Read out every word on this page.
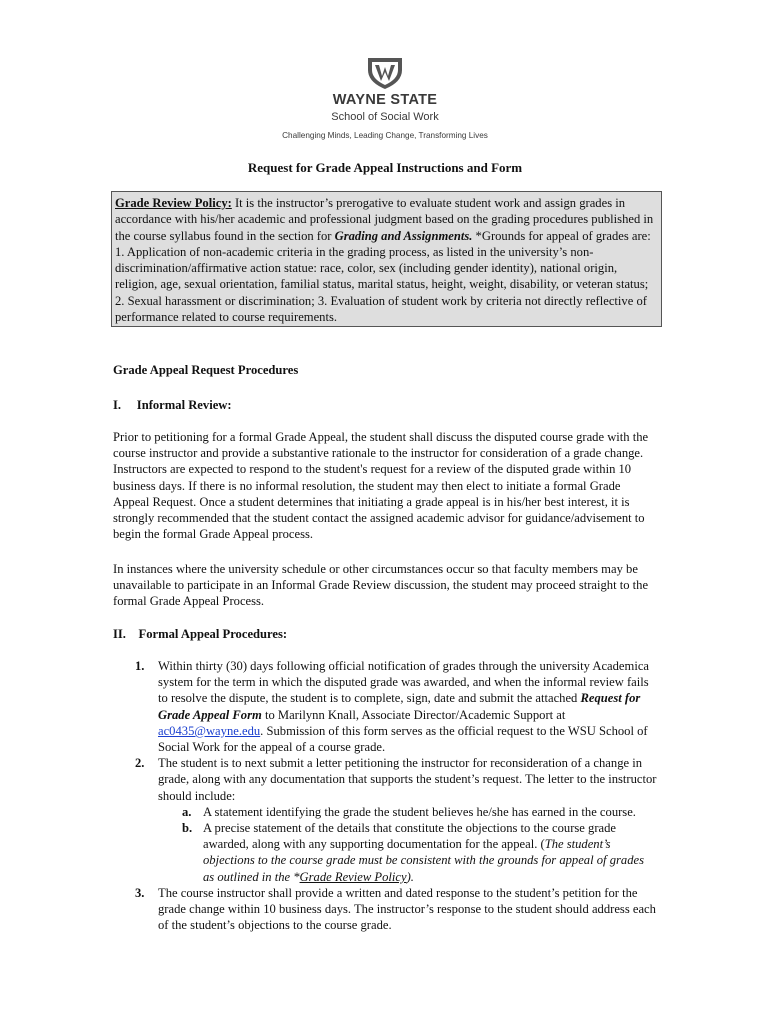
WAYNE STATE
School of Social Work
Challenging Minds, Leading Change, Transforming Lives
Request for Grade Appeal Instructions and Form
Grade Review Policy: It is the instructor’s prerogative to evaluate student work and assign grades in accordance with his/her academic and professional judgment based on the grading procedures published in the course syllabus found in the section for Grading and Assignments. *Grounds for appeal of grades are: 1. Application of non-academic criteria in the grading process, as listed in the university’s non-discrimination/affirmative action statue: race, color, sex (including gender identity), national origin, religion, age, sexual orientation, familial status, marital status, height, weight, disability, or veteran status; 2. Sexual harassment or discrimination; 3. Evaluation of student work by criteria not directly reflective of performance related to course requirements.
Grade Appeal Request Procedures
I.     Informal Review:
Prior to petitioning for a formal Grade Appeal, the student shall discuss the disputed course grade with the course instructor and provide a substantive rationale to the instructor for consideration of a grade change. Instructors are expected to respond to the student's request for a review of the disputed grade within 10 business days. If there is no informal resolution, the student may then elect to initiate a formal Grade Appeal Request. Once a student determines that initiating a grade appeal is in his/her best interest, it is strongly recommended that the student contact the assigned academic advisor for guidance/advisement to begin the formal Grade Appeal process.
In instances where the university schedule or other circumstances occur so that faculty members may be unavailable to participate in an Informal Grade Review discussion, the student may proceed straight to the formal Grade Appeal Process.
II.    Formal Appeal Procedures:
1. Within thirty (30) days following official notification of grades through the university Academica system for the term in which the disputed grade was awarded, and when the informal review fails to resolve the dispute, the student is to complete, sign, date and submit the attached Request for Grade Appeal Form to Marilynn Knall, Associate Director/Academic Support at ac0435@wayne.edu. Submission of this form serves as the official request to the WSU School of Social Work for the appeal of a course grade.
2. The student is to next submit a letter petitioning the instructor for reconsideration of a change in grade, along with any documentation that supports the student’s request. The letter to the instructor should include:
a. A statement identifying the grade the student believes he/she has earned in the course.
b. A precise statement of the details that constitute the objections to the course grade awarded, along with any supporting documentation for the appeal. (The student’s objections to the course grade must be consistent with the grounds for appeal of grades as outlined in the *Grade Review Policy).
3. The course instructor shall provide a written and dated response to the student’s petition for the grade change within 10 business days. The instructor’s response to the student should address each of the student’s objections to the course grade.
